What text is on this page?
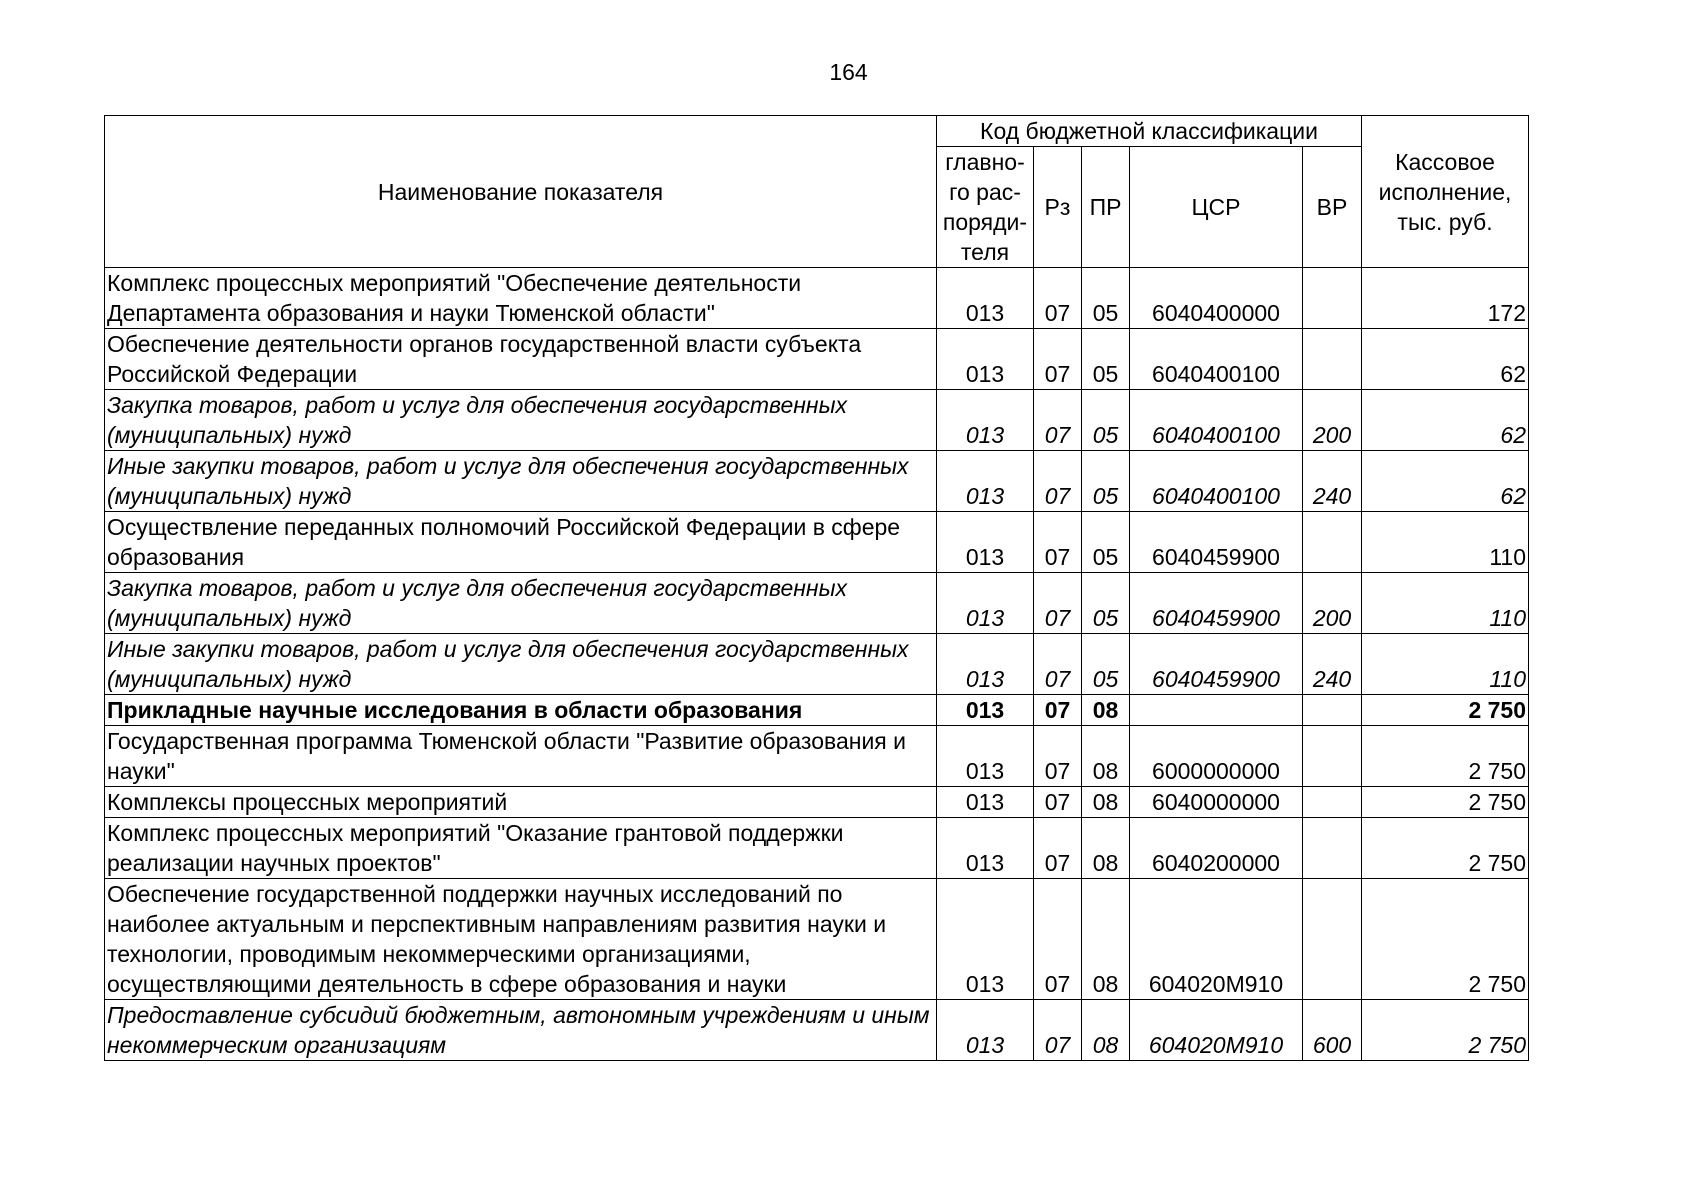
164
Наименование показателя	Код бюджетной классификации					Кассовое исполнение, тыс. руб.
	главно-го рас-поряди-теля	Рз	ПР	ЦСР	ВР	
Комплекс процессных мероприятий "Обеспечение деятельности Департамента образования и науки Тюменской области"	013	07	05	6040400000		172
Обеспечение деятельности органов государственной власти субъекта Российской Федерации	013	07	05	6040400100		62
Закупка товаров, работ и услуг для обеспечения государственных (муниципальных) нужд	013	07	05	6040400100	200	62
Иные закупки товаров, работ и услуг для обеспечения государственных (муниципальных) нужд	013	07	05	6040400100	240	62
Осуществление переданных полномочий Российской Федерации в сфере образования	013	07	05	6040459900		110
Закупка товаров, работ и услуг для обеспечения государственных (муниципальных) нужд	013	07	05	6040459900	200	110
Иные закупки товаров, работ и услуг для обеспечения государственных (муниципальных) нужд	013	07	05	6040459900	240	110
Прикладные научные исследования в области образования	013	07	08			2 750
Государственная программа Тюменской области "Развитие образования и науки"	013	07	08	6000000000		2 750
Комплексы процессных мероприятий	013	07	08	6040000000		2 750
Комплекс процессных мероприятий "Оказание грантовой поддержки реализации научных проектов"	013	07	08	6040200000		2 750
Обеспечение государственной поддержки научных исследований по наиболее актуальным и перспективным направлениям развития науки и технологии, проводимым некоммерческими организациями, осуществляющими деятельность в сфере образования и науки	013	07	08	604020М910		2 750
Предоставление субсидий бюджетным, автономным учреждениям и иным некоммерческим организациям	013	07	08	604020М910	600	2 750
